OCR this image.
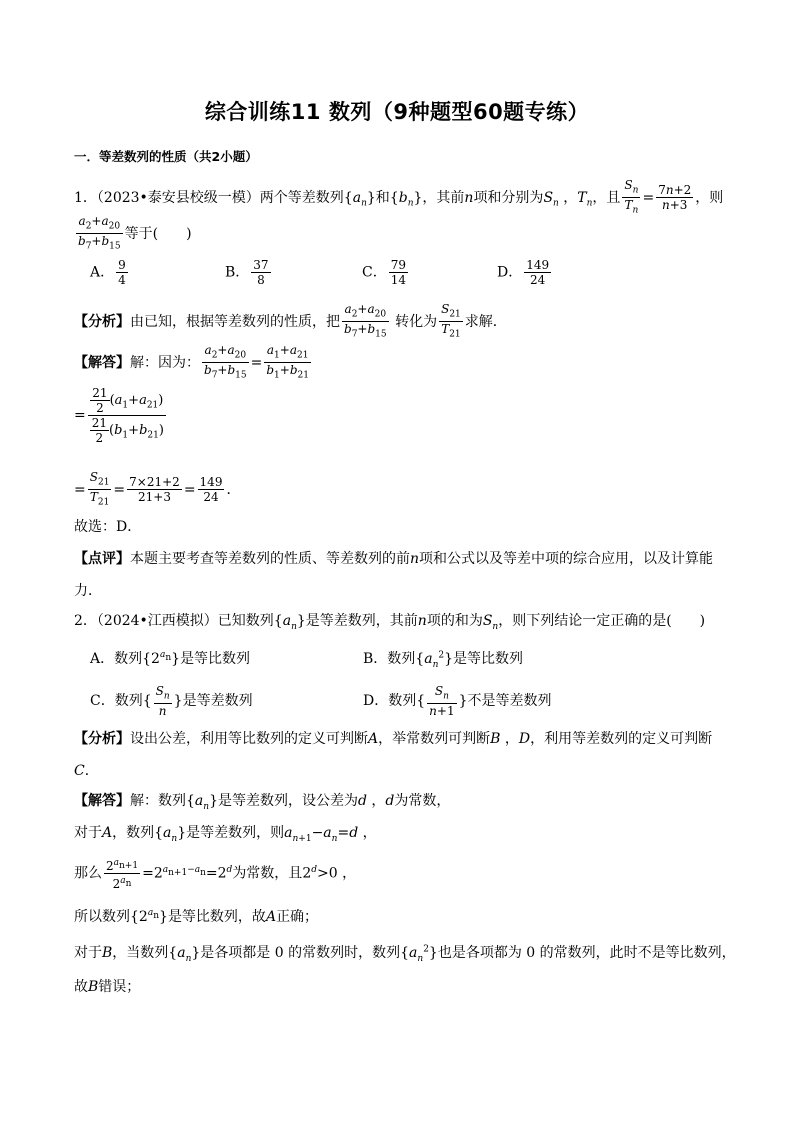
综合训练11 数列（9种题型60题专练）
一．等差数列的性质（共2小题）
1．（2023•泰安县校级一模）两个等差数列$\{a_n\}$和$\{b_n\}$，其前n项和分别为$S_n$ ，$T_n$，且 $\frac{S_n}{T_n} = \frac{7n+2}{n+3}$ ，则
$\frac{a_2+a_{20}}{b_7+b_{15}}$ 等于(　　)
A． $\frac{9}{4}$	B． $\frac{37}{8}$	C． $\frac{79}{14}$	D． $\frac{149}{24}$
【分析】由已知，根据等差数列的性质，把 $\frac{a_2+a_{20}}{b_7+b_{15}}$ 转化为 $\frac{S_{21}}{T_{21}}$ 求解．
【解答】解：因为： $\frac{a_2+a_{20}}{b_7+b_{15}} = \frac{a_1+a_{21}}{b_1+b_{21}}$
= $\frac{\frac{21}{2} (a_1+a_{21})}{\frac{21}{2} (b_1+b_{21})}$
= $\frac{S_{21}}{T_{21}} = \frac{7\times 21+2}{21+3} = \frac{149}{24}$ ．
故选：D．
【点评】本题主要考查等差数列的性质、等差数列的前n项和公式以及等差中项的综合应用，以及计算能
力．
2．（2024•江西模拟）已知数列$\{a_n\}$是等差数列，其前n项的和为$S_n$，则下列结论一定正确的是(　　)
A．数列$\{2^{a_n}\}$是等比数列	B．数列$\{a_n^2\}$是等比数列
C．数列{ $\frac{S_n}{n}$ }是等差数列	D．数列{ $\frac{S_n}{n+1}$ }不是等差数列
【分析】设出公差，利用等比数列的定义可判断A，举常数列可判断B ，D，利用等差数列的定义可判断
C．
【解答】解：数列$\{a_n\}$是等差数列，设公差为d ，d为常数，
对于A，数列$\{a_n\}$是等差数列，则$a_{n+1}-a_n=d$ ，
那么 $\frac{2^{a_{n+1}}}{2^{a_n}} =2^{a_{n+1}-a_n}=2^d$为常数，且$2^d>0$ ，
所以数列$\{2^{a_n}\}$是等比数列，故A正确；
对于B，当数列$\{a_n\}$是各项都是 0 的常数列时，数列$\{a_n^2\}$也是各项都为 0 的常数列，此时不是等比数列，
故B错误；
